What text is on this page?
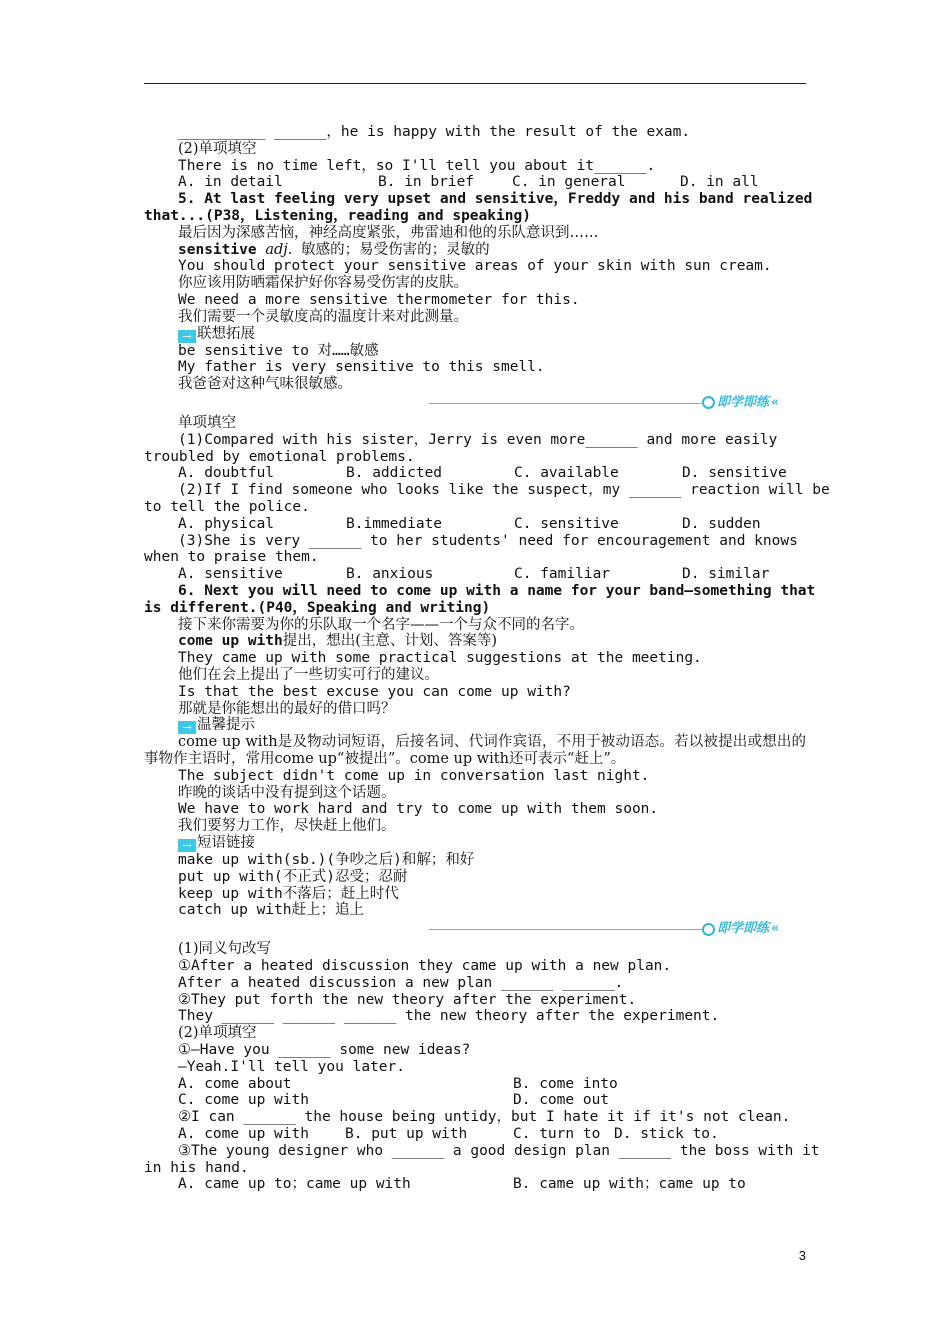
__________ ______，he is happy with the result of the exam.
(2)单项填空
There is no time left，so I'll tell you about it______.
A. in detail	B. in brief	C. in general	D. in all
5. At last feeling very upset and sensitive，Freddy and his band realized
that...(P38，Listening，reading and speaking)
最后因为深感苦恼，神经高度紧张，弗雷迪和他的乐队意识到……
sensitive adj. 敏感的；易受伤害的；灵敏的
You should protect your sensitive areas of your skin with sun cream.
你应该用防晒霜保护好你容易受伤害的皮肤。
We need a more sensitive thermometer for this.
我们需要一个灵敏度高的温度计来对此测量。
→ 联想拓展
be sensitive to 对……敏感
My father is very sensitive to this smell.
我爸爸对这种气味很敏感。
即学即练 «
单项填空
(1)Compared with his sister，Jerry is even more______ and more easily
troubled by emotional problems.
A. doubtful	B. addicted	C. available	D. sensitive
(2)If I find someone who looks like the suspect，my ______ reaction will be
to tell the police.
A. physical	B.immediate	C. sensitive	D. sudden
(3)She is very ______ to her students' need for encouragement and knows
when to praise them.
A. sensitive	B. anxious	C. familiar	D. similar
6. Next you will need to come up with a name for your band—something that
is different.(P40，Speaking and writing)
接下来你需要为你的乐队取一个名字——一个与众不同的名字。
come up with提出，想出(主意、计划、答案等)
They came up with some practical suggestions at the meeting.
他们在会上提出了一些切实可行的建议。
Is that the best excuse you can come up with?
那就是你能想出的最好的借口吗？
→ 温馨提示
come up with是及物动词短语，后接名词、代词作宾语，不用于被动语态。若以被提出或想出的事物作主语时，常用come up“被提出”。come up with还可表示“赶上”。
The subject didn't come up in conversation last night.
昨晚的谈话中没有提到这个话题。
We have to work hard and try to come up with them soon.
我们要努力工作，尽快赶上他们。
→ 短语链接
make up with(sb.)(争吵之后)和解；和好
put up with(不正式)忍受；忍耐
keep up with不落后；赶上时代
catch up with赶上；追上
即学即练 «
(1)同义句改写
①After a heated discussion they came up with a new plan.
After a heated discussion a new plan ______ ______.
②They put forth the new theory after the experiment.
They ______ ______ ______ the new theory after the experiment.
(2)单项填空
①—Have you ______ some new ideas?
—Yeah.I'll tell you later.
A. come about	B. come into
C. come up with	D. come out
②I can ______ the house being untidy，but I hate it if it's not clean.
A. come up with	B. put up with	C. turn to D. stick to.
③The young designer who ______ a good design plan ______ the boss with it
in his hand.
A. came up to；came up with	B. came up with；came up to
3
